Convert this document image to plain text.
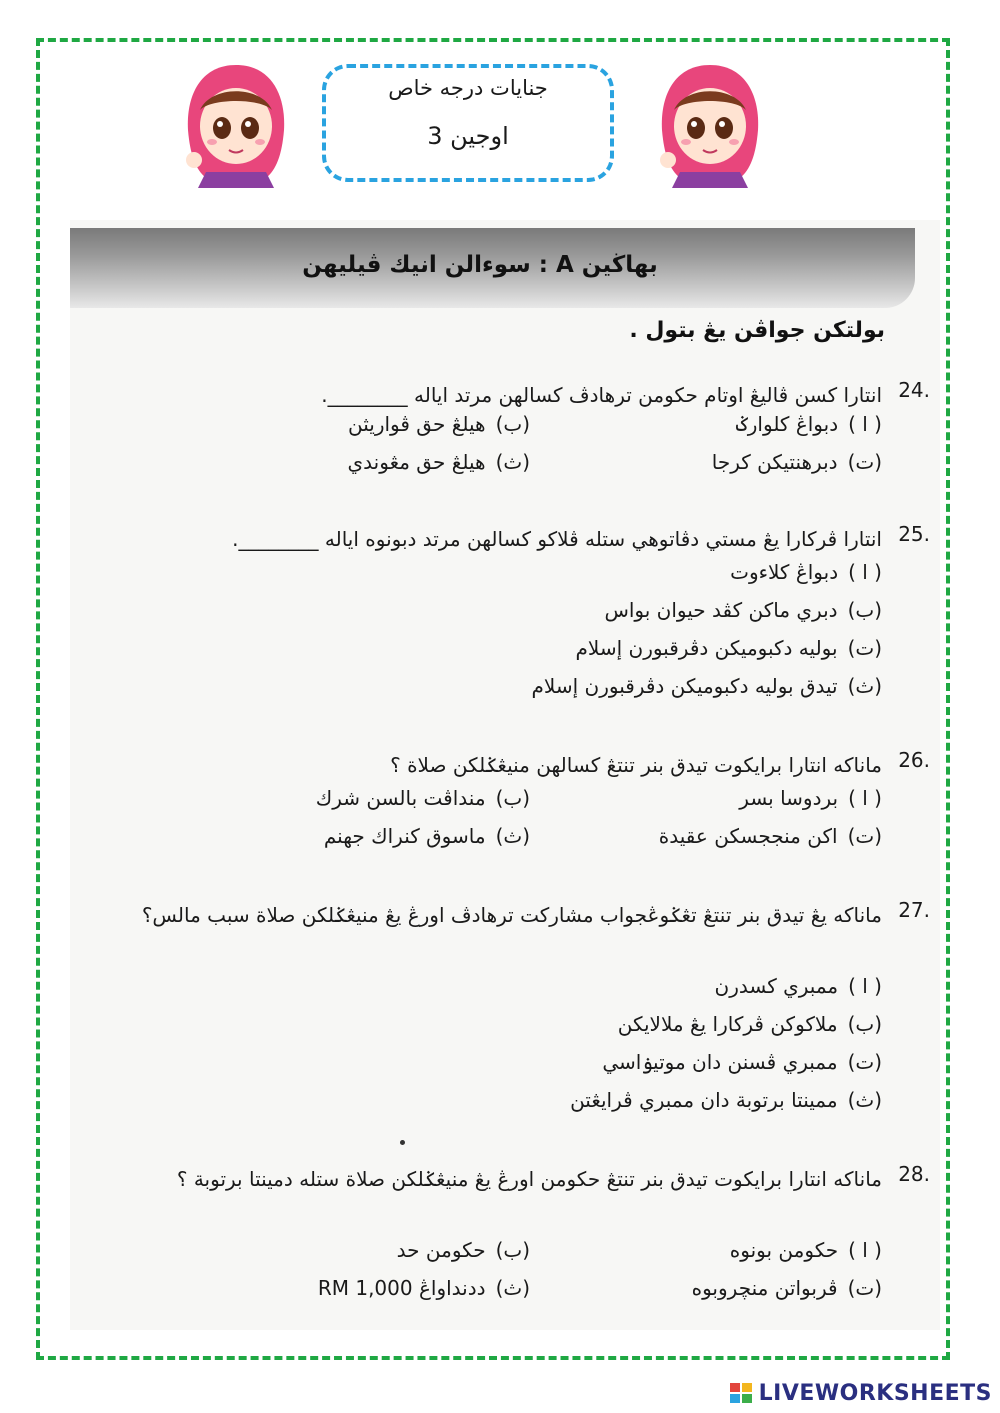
جنايات درجه خاص
اوجين 3
بهاڬين A : سوءالن انيك ڤيليهن
بولتكن جواڤن يڠ بتول .
24.
انتارا كسن ڤاليڠ اوتام حكومن ترهادڤ كسالهن مرتد اياله ________.
( ا )دبواڠ كلوارݢ
(ب)هيلڠ حق ڤواريثن
(ت)دبرهنتيكن كرجا
(ث)هيلڠ حق مڠوندي
25.
انتارا ڤركارا يڠ مستي دڤاتوهي ستله ڤلاكو كسالهن مرتد دبونوه اياله ________.
( ا )دبواڠ كلاءوت
(ب)دبري ماكن كڤد حيوان بواس
(ت)بوليه دكبوميكن دڤرقبورن إسلام
(ث)تيدق بوليه دكبوميكن دڤرقبورن إسلام
26.
ماناكه انتارا برايكوت تيدق بنر تنتڠ كسالهن منيڠݢلكن صلاة ؟
( ا )بردوسا بسر
(ب)منداڤت بالسن شرك
(ت)اكن منججسكن عقيدة
(ث)ماسوق كنراك جهنم
27.
ماناكه يڠ تيدق بنر تنتڠ تڠݢوڠجواب مشاركت ترهادڤ اورڠ يڠ منيڠݢلكن صلاة سبب مالس؟
( ا )ممبري كسدرن
(ب)ملاكوكن ڤركارا يڠ ملالايكن
(ت)ممبري ڤسنن دان موتيۏاسي
(ث)ممينتا برتوبة دان ممبري ڤرايڠتن
28.
ماناكه انتارا برايكوت تيدق بنر تنتڠ حكومن اورڠ يڠ منيڠݢلكن صلاة ستله دمينتا برتوبة ؟
( ا )حكومن بونوه
(ب)حكومن حد
(ت)ڤربواتن منچروبوه
(ث)ددنداواڠ RM 1,000
LIVEWORKSHEETS
